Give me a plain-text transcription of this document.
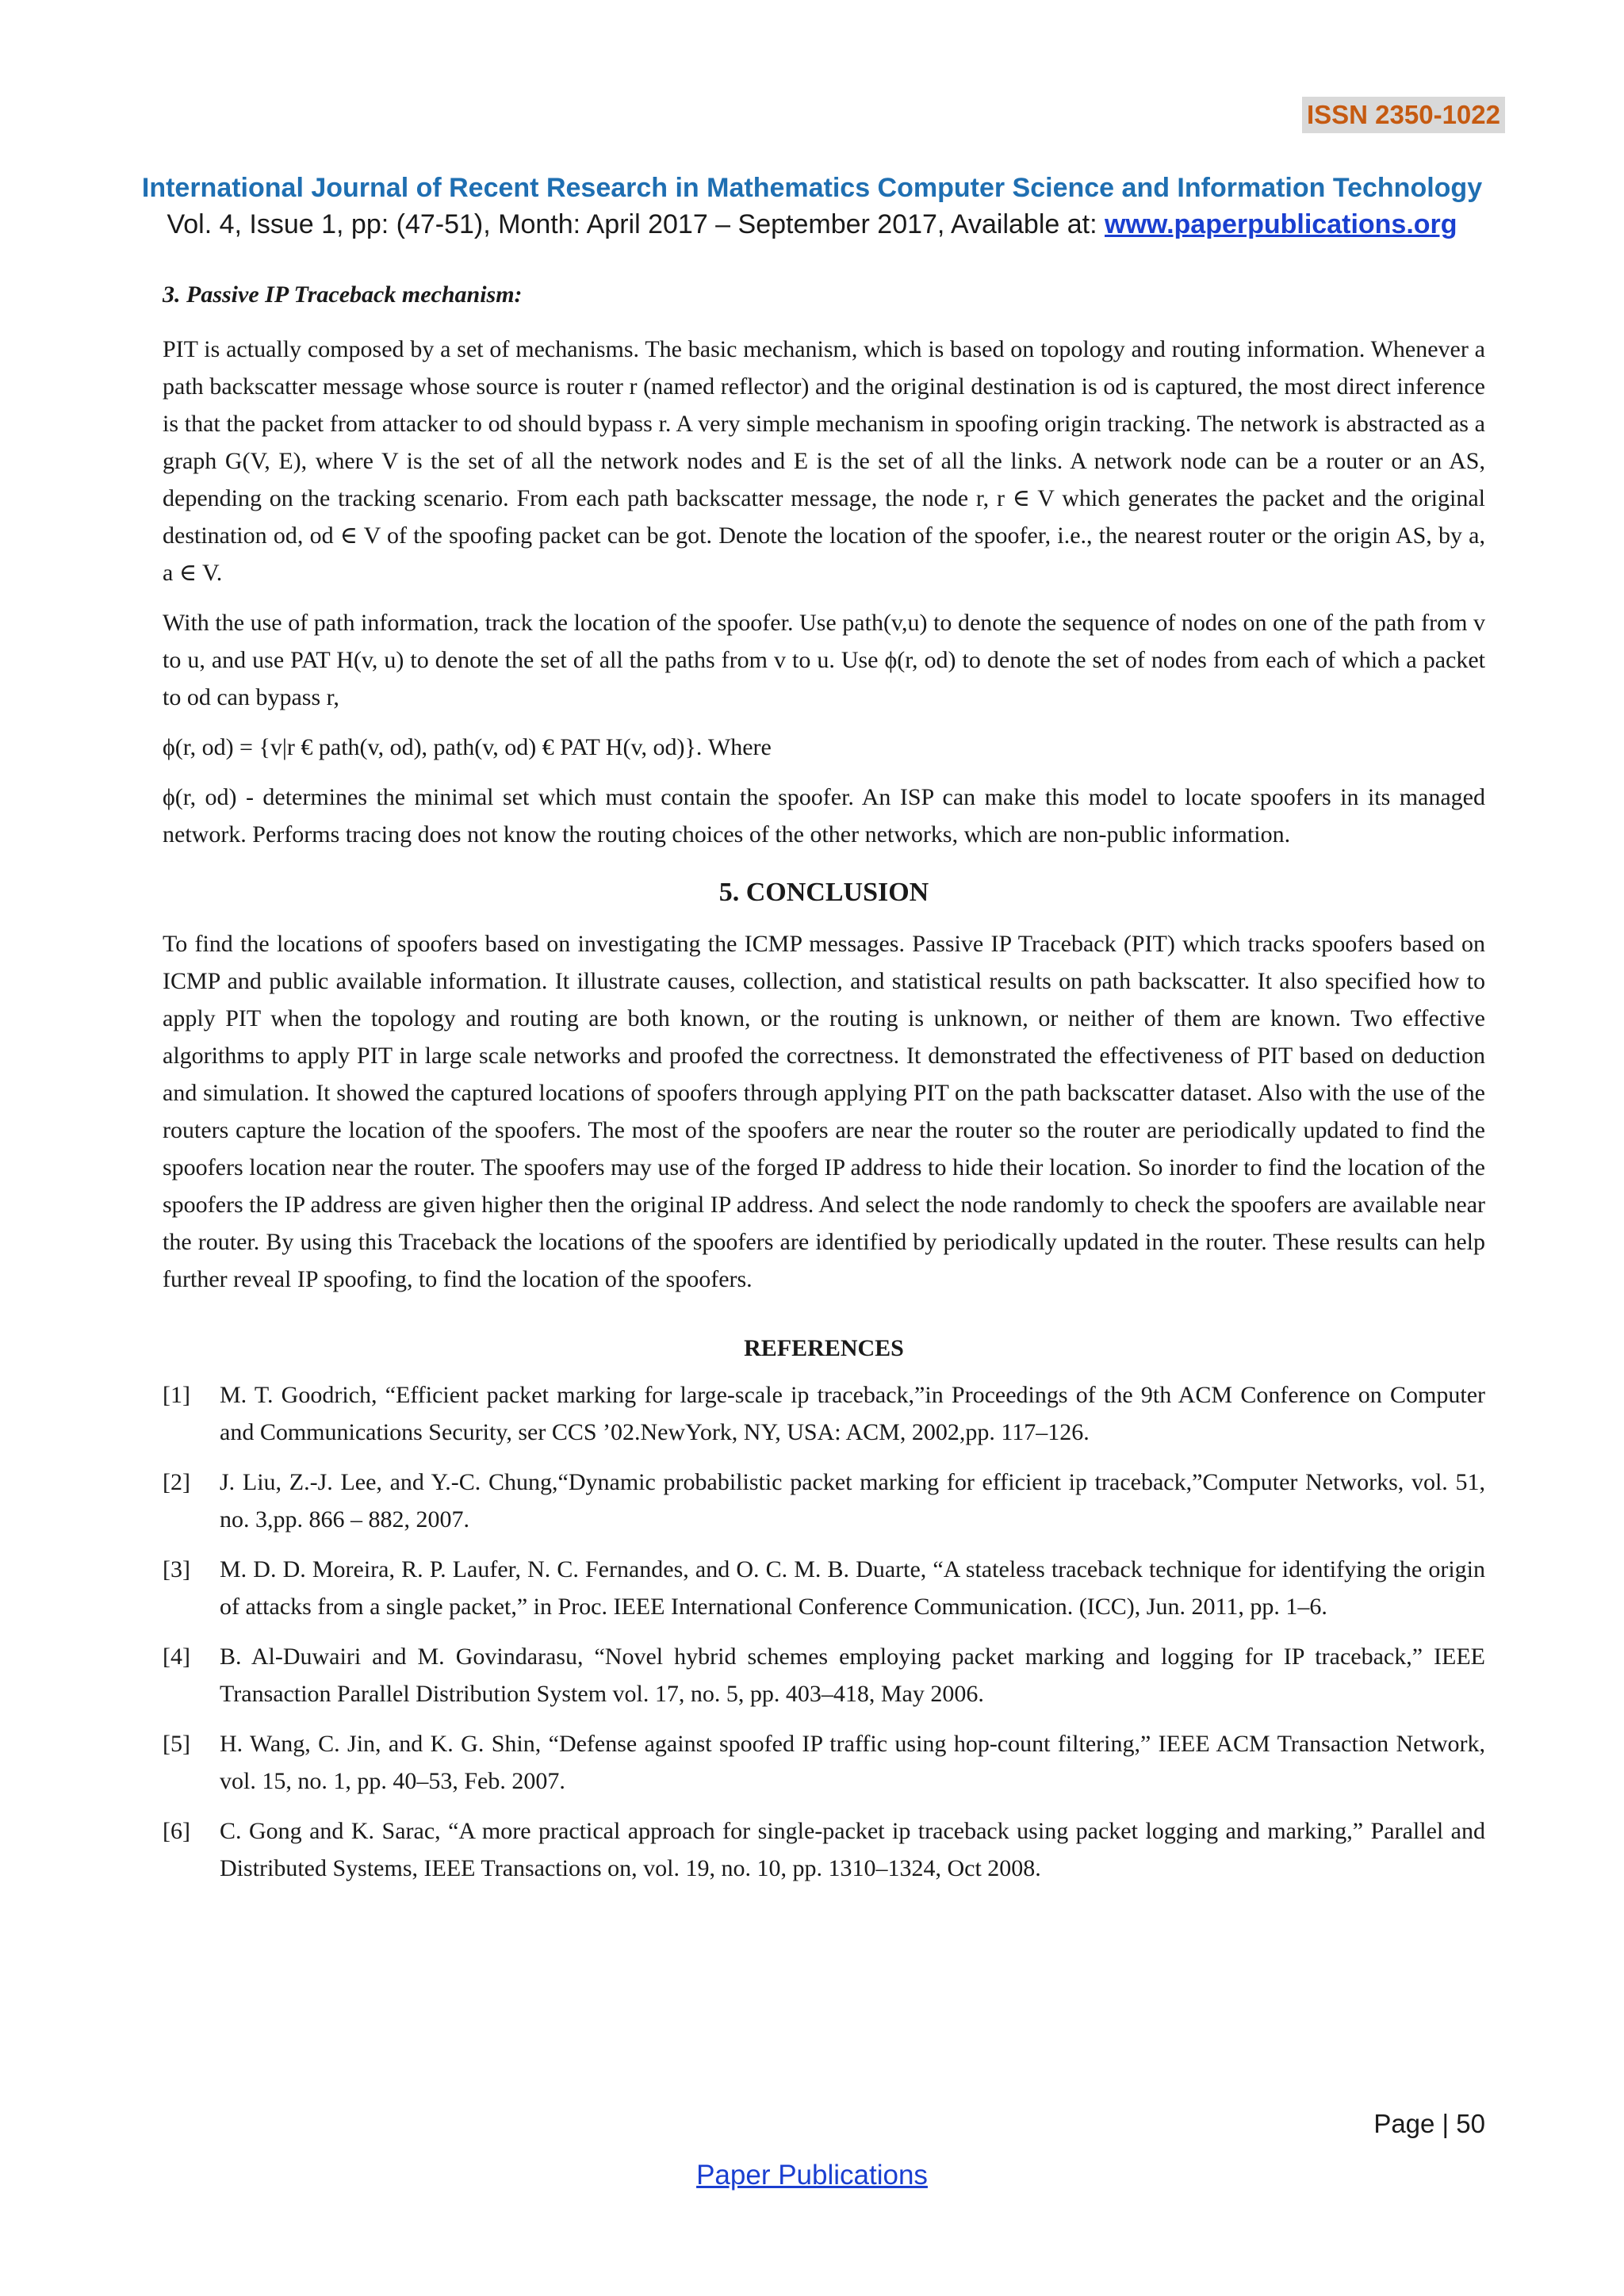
ISSN 2350-1022
International Journal of Recent Research in Mathematics Computer Science and Information Technology
Vol. 4, Issue 1, pp: (47-51), Month: April 2017 – September 2017, Available at: www.paperpublications.org

3. Passive IP Traceback mechanism:

PIT is actually composed by a set of mechanisms. The basic mechanism, which is based on topology and routing information. Whenever a path backscatter message whose source is router r (named reflector) and the original destination is od is captured, the most direct inference is that the packet from attacker to od should bypass r. A very simple mechanism in spoofing origin tracking. The network is abstracted as a graph G(V, E), where V is the set of all the network nodes and E is the set of all the links. A network node can be a router or an AS, depending on the tracking scenario. From each path backscatter message, the node r, r ∈ V which generates the packet and the original destination od, od ∈ V of the spoofing packet can be got. Denote the location of the spoofer, i.e., the nearest router or the origin AS, by a, a ∈ V.

With the use of path information, track the location of the spoofer. Use path(v,u) to denote the sequence of nodes on one of the path from v to u, and use PAT H(v, u) to denote the set of all the paths from v to u. Use ϕ(r, od) to denote the set of nodes from each of which a packet to od can bypass r,

ϕ(r, od) = {v|r € path(v, od), path(v, od) € PAT H(v, od)}. Where

ϕ(r, od) - determines the minimal set which must contain the spoofer. An ISP can make this model to locate spoofers in its managed network. Performs tracing does not know the routing choices of the other networks, which are non-public information.

5. CONCLUSION

To find the locations of spoofers based on investigating the ICMP messages. Passive IP Traceback (PIT) which tracks spoofers based on ICMP and public available information. It illustrate causes, collection, and statistical results on path backscatter. It also specified how to apply PIT when the topology and routing are both known, or the routing is unknown, or neither of them are known. Two effective algorithms to apply PIT in large scale networks and proofed the correctness. It demonstrated the effectiveness of PIT based on deduction and simulation. It showed the captured locations of spoofers through applying PIT on the path backscatter dataset. Also with the use of the routers capture the location of the spoofers. The most of the spoofers are near the router so the router are periodically updated to find the spoofers location near the router. The spoofers may use of the forged IP address to hide their location. So inorder to find the location of the spoofers the IP address are given higher then the original IP address. And select the node randomly to check the spoofers are available near the router. By using this Traceback the locations of the spoofers are identified by periodically updated in the router. These results can help further reveal IP spoofing, to find the location of the spoofers.

REFERENCES
[1]	M. T. Goodrich, “Efficient packet marking for large-scale ip traceback,”in Proceedings of the 9th ACM Conference on Computer and Communications Security, ser CCS ’02.NewYork, NY, USA: ACM, 2002,pp. 117–126.
[2]	J. Liu, Z.-J. Lee, and Y.-C. Chung,“Dynamic probabilistic packet marking for efficient ip traceback,”Computer Networks, vol. 51, no. 3,pp. 866 – 882, 2007.
[3]	M. D. D. Moreira, R. P. Laufer, N. C. Fernandes, and O. C. M. B. Duarte, “A stateless traceback technique for identifying the origin of attacks from a single packet,” in Proc. IEEE International Conference Communication. (ICC), Jun. 2011, pp. 1–6.
[4]	B. Al-Duwairi and M. Govindarasu, “Novel hybrid schemes employing packet marking and logging for IP traceback,” IEEE Transaction Parallel Distribution System vol. 17, no. 5, pp. 403–418, May 2006.
[5]	H. Wang, C. Jin, and K. G. Shin, “Defense against spoofed IP traffic using hop-count filtering,” IEEE ACM Transaction Network, vol. 15, no. 1, pp. 40–53, Feb. 2007.
[6]	C. Gong and K. Sarac, “A more practical approach for single-packet ip traceback using packet logging and marking,” Parallel and Distributed Systems, IEEE Transactions on, vol. 19, no. 10, pp. 1310–1324, Oct 2008.
Page | 50
Paper Publications
